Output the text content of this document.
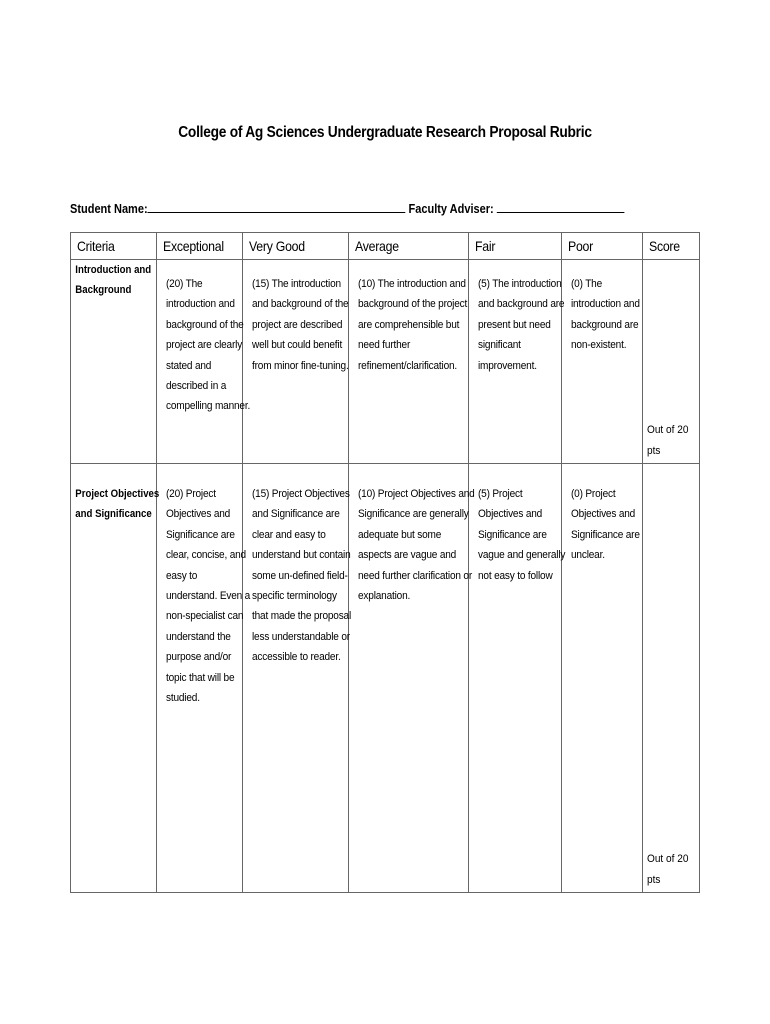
College of Ag Sciences Undergraduate Research Proposal Rubric
Student Name:	Faculty Adviser:
Criteria	Exceptional	Very Good	Average	Fair	Poor	Score

Introduction and Background	(20) The introduction and background of the project are clearly stated and described in a compelling manner.	(15) The introduction and background of the project are described well but could benefit from minor fine-tuning.	(10) The introduction and background of the project are comprehensible but need further refinement/clarification.	(5) The introduction and background are present but need significant improvement.	(0) The introduction and background are non-existent.	Out of 20 pts

Project Objectives and Significance	(20) Project Objectives and Significance are clear, concise, and easy to understand. Even a non-specialist can understand the purpose and/or topic that will be studied.	(15) Project Objectives and Significance are clear and easy to understand but contain some un-defined field-specific terminology that made the proposal less understandable or accessible to reader.	(10) Project Objectives and Significance are generally adequate but some aspects are vague and need further clarification or explanation.	(5) Project Objectives and Significance are vague and generally not easy to follow	(0) Project Objectives and Significance are unclear.	Out of 20 pts
